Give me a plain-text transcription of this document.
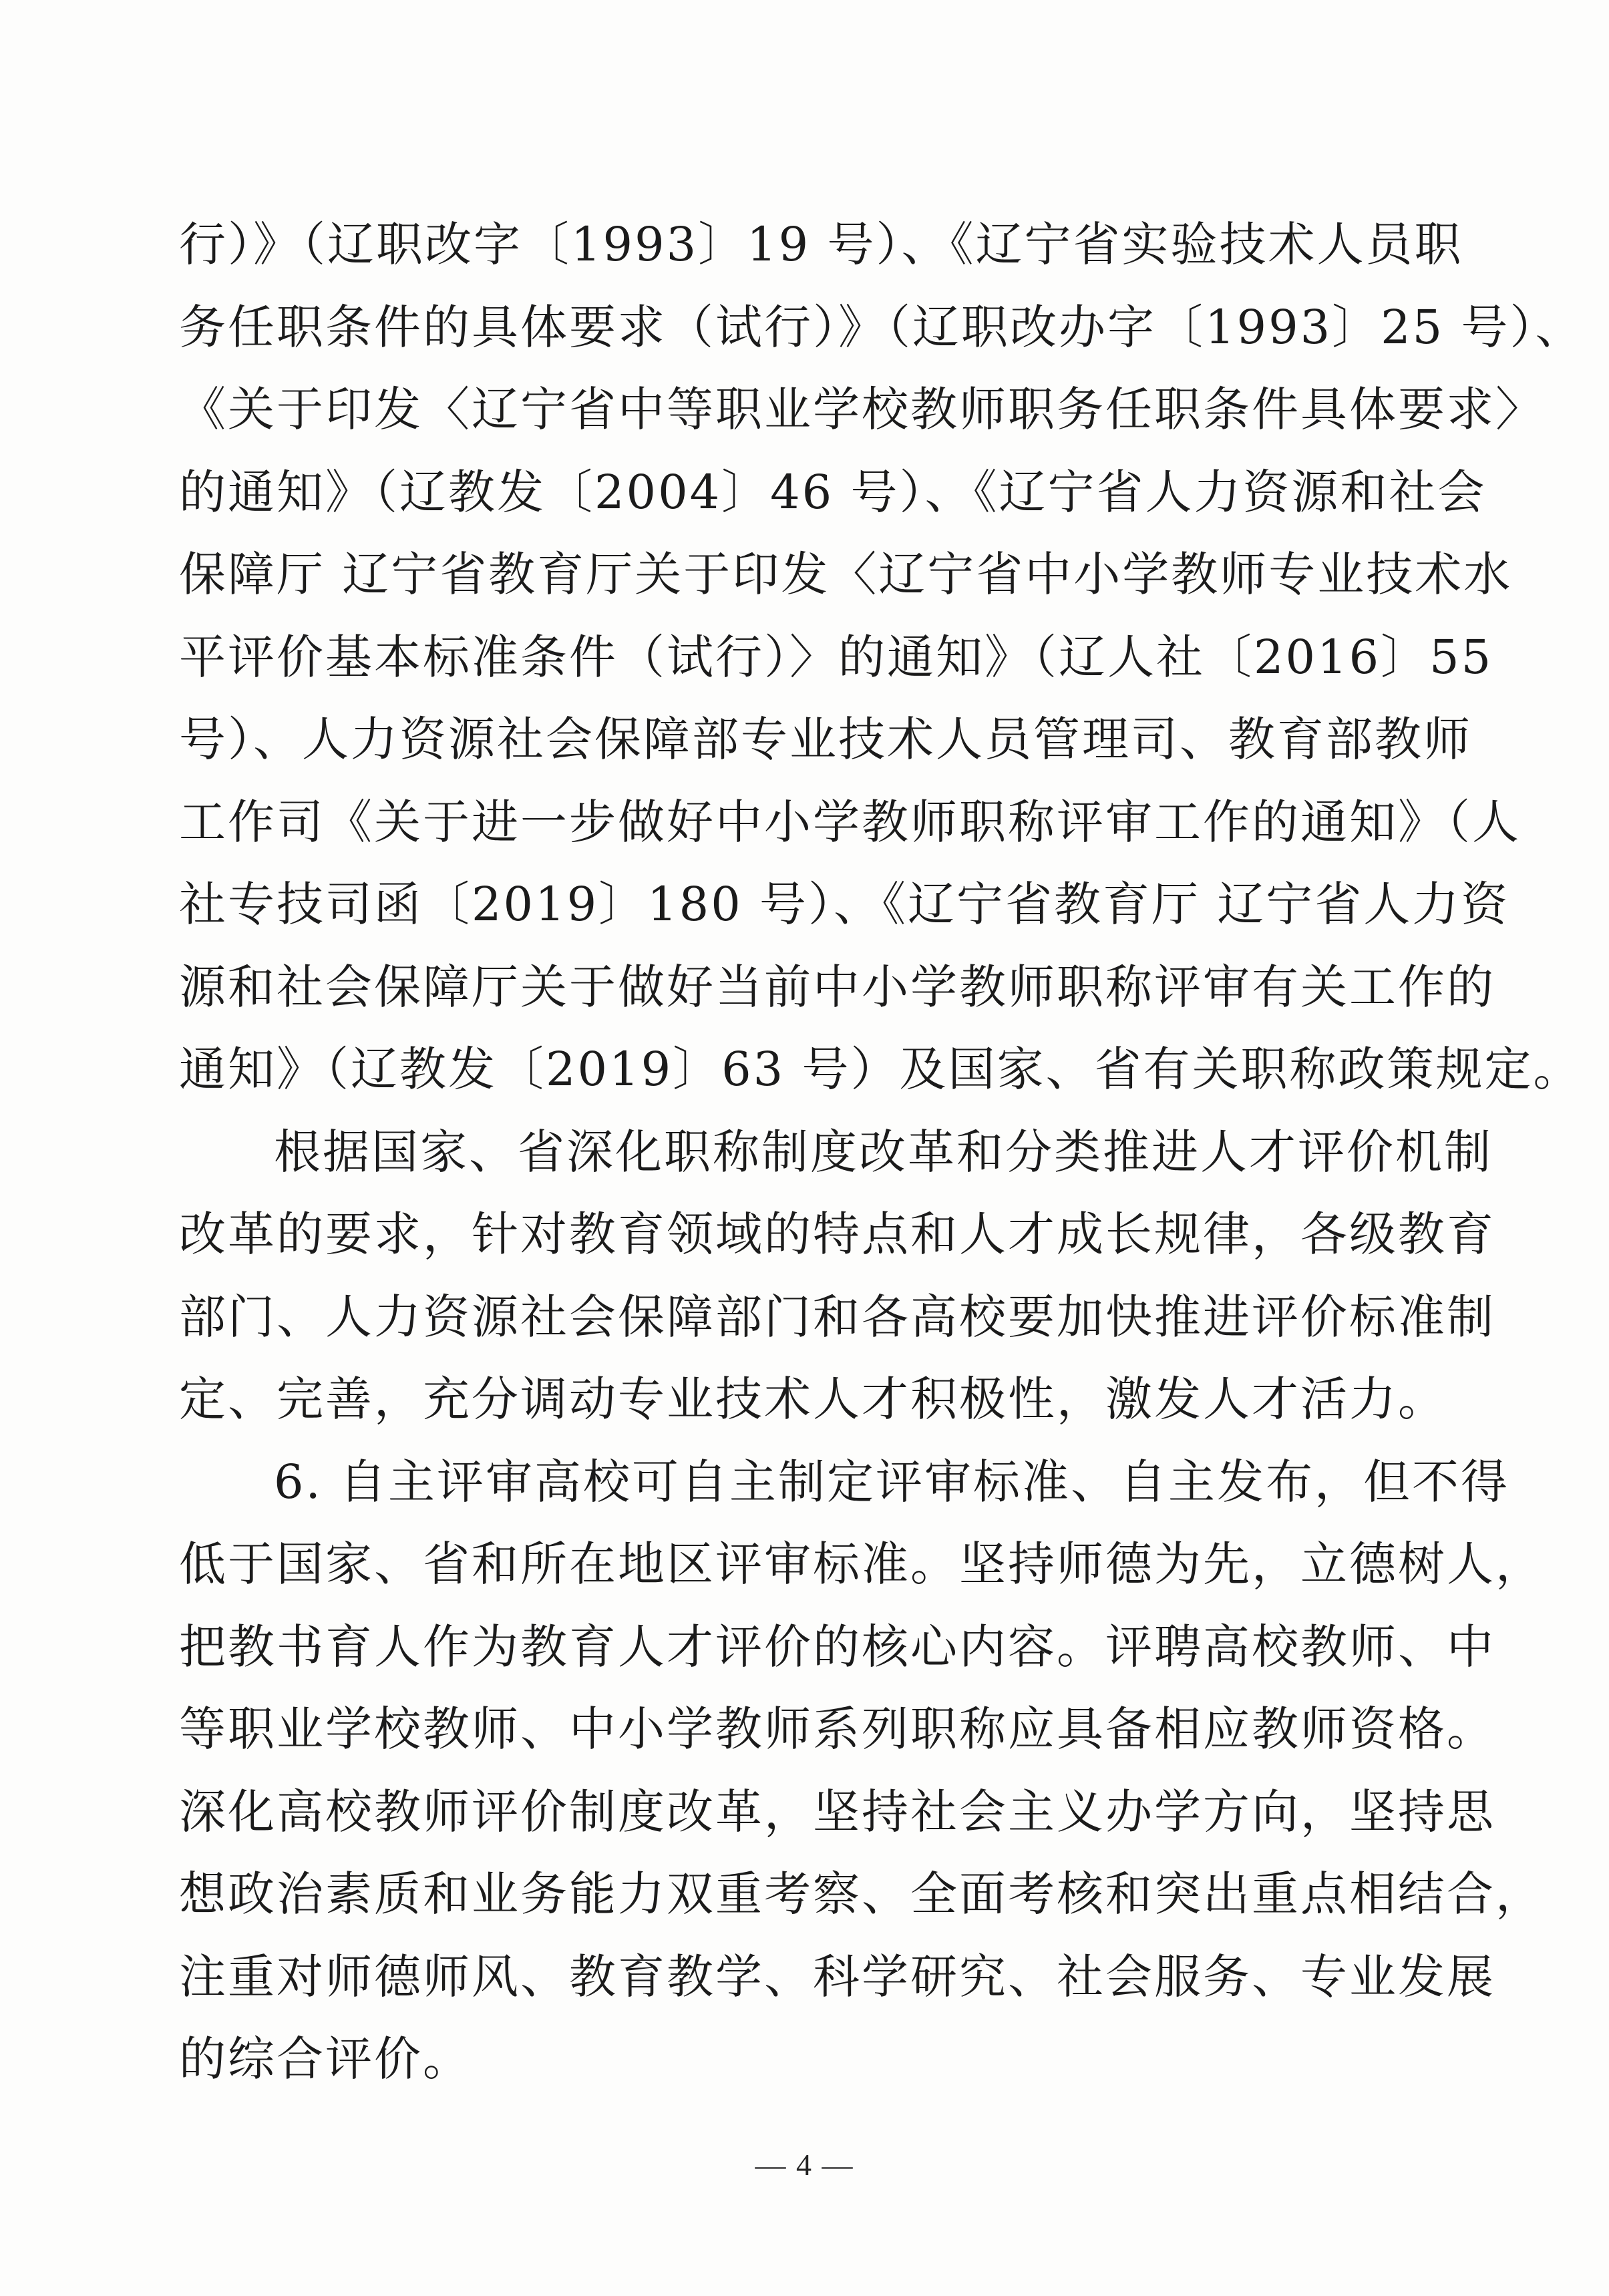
行）》（辽职改字〔1993〕19 号）、《辽宁省实验技术人员职
务任职条件的具体要求（试行）》（辽职改办字〔1993〕25 号）、
《关于印发〈辽宁省中等职业学校教师职务任职条件具体要求〉
的通知》（辽教发〔2004〕46 号）、《辽宁省人力资源和社会
保障厅 辽宁省教育厅关于印发〈辽宁省中小学教师专业技术水
平评价基本标准条件（试行）〉的通知》（辽人社〔2016〕55
号）、人力资源社会保障部专业技术人员管理司、教育部教师
工作司《关于进一步做好中小学教师职称评审工作的通知》（人
社专技司函〔2019〕180 号）、《辽宁省教育厅 辽宁省人力资
源和社会保障厅关于做好当前中小学教师职称评审有关工作的
通知》（辽教发〔2019〕63 号）及国家、省有关职称政策规定。
根据国家、省深化职称制度改革和分类推进人才评价机制
改革的要求，针对教育领域的特点和人才成长规律，各级教育
部门、人力资源社会保障部门和各高校要加快推进评价标准制
定、完善，充分调动专业技术人才积极性，激发人才活力。
6. 自主评审高校可自主制定评审标准、自主发布，但不得
低于国家、省和所在地区评审标准。坚持师德为先，立德树人，
把教书育人作为教育人才评价的核心内容。评聘高校教师、中
等职业学校教师、中小学教师系列职称应具备相应教师资格。
深化高校教师评价制度改革，坚持社会主义办学方向，坚持思
想政治素质和业务能力双重考察、全面考核和突出重点相结合，
注重对师德师风、教育教学、科学研究、社会服务、专业发展
的综合评价。
— 4 —
